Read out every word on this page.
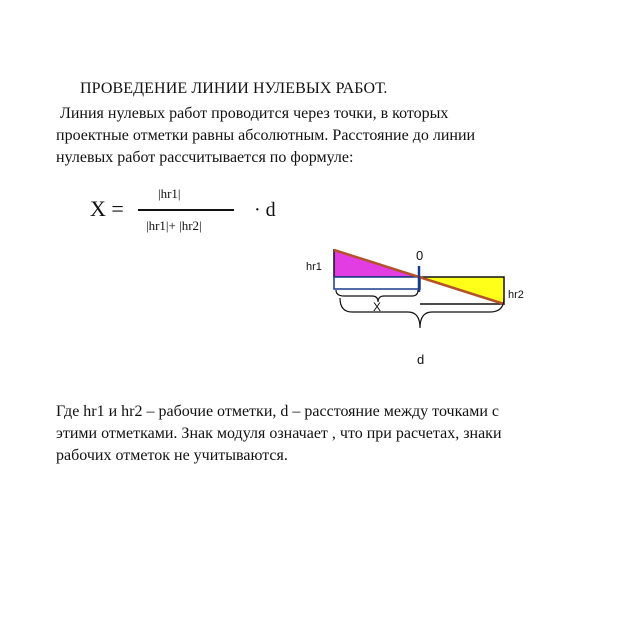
ПРОВЕДЕНИЕ ЛИНИИ НУЛЕВЫХ РАБОТ.
Линия нулевых работ проводится через точки, в которых
проектные отметки равны абсолютным. Расстояние до линии
нулевых работ рассчитывается по формуле:
X =
|hr1|
|hr1|+ |hr2|
· d
hr1
hr2
0
X
d
Где hr1 и hr2 – рабочие отметки, d – расстояние между точками с
этими отметками. Знак модуля означает , что при расчетах, знаки
рабочих отметок не учитываются.
